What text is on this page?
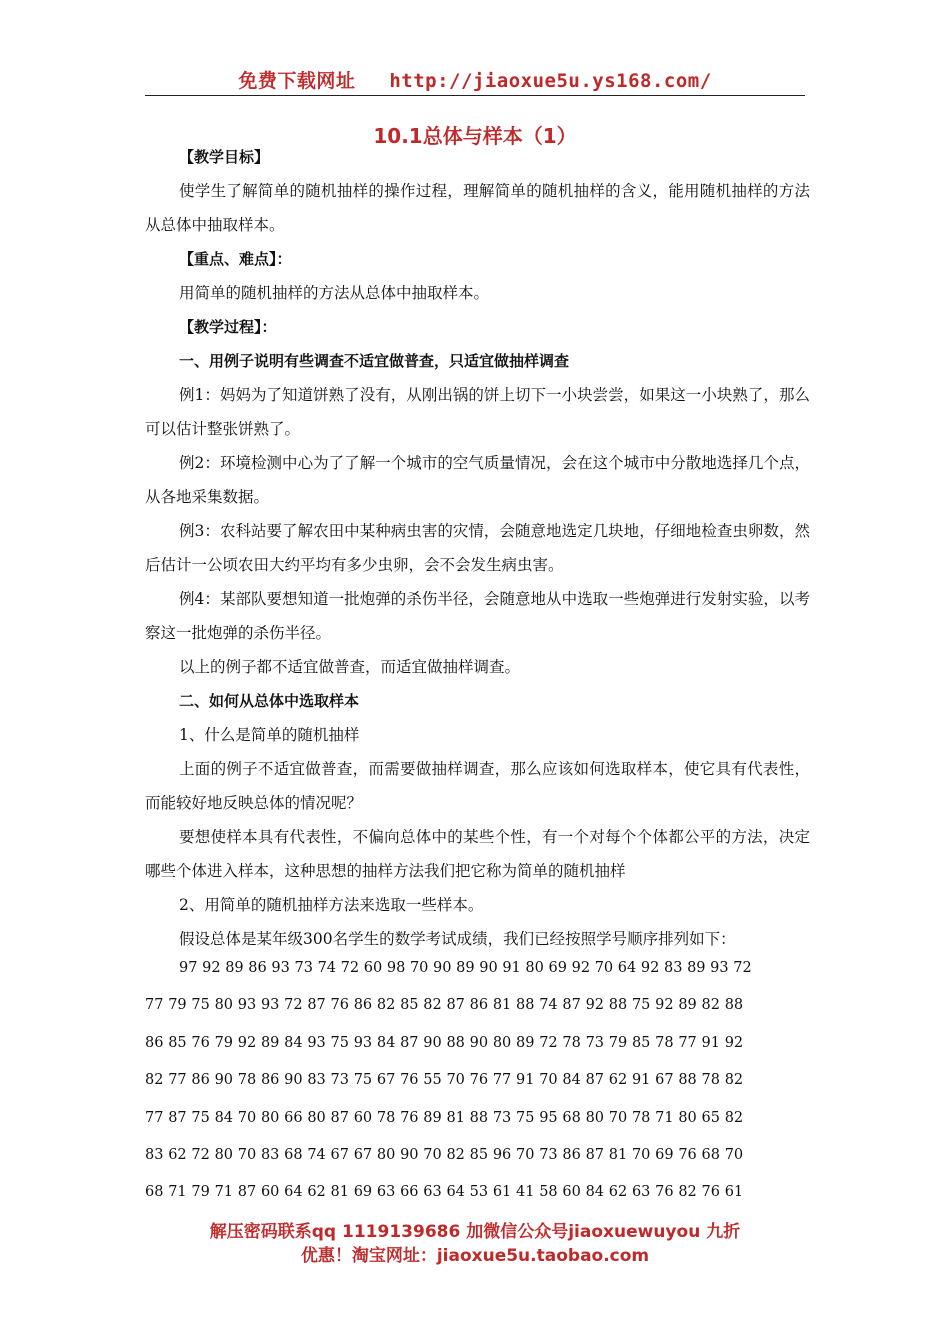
免费下载网址 http://jiaoxue5u.ys168.com/
10.1总体与样本（1）

【教学目标】

使学生了解简单的随机抽样的操作过程，理解简单的随机抽样的含义，能用随机抽样的方法从总体中抽取样本。

【重点、难点】：

用简单的随机抽样的方法从总体中抽取样本。

【教学过程】：

一、用例子说明有些调查不适宜做普查，只适宜做抽样调查

例1：妈妈为了知道饼熟了没有，从刚出锅的饼上切下一小块尝尝，如果这一小块熟了，那么可以估计整张饼熟了。

例2：环境检测中心为了了解一个城市的空气质量情况，会在这个城市中分散地选择几个点，从各地采集数据。

例3：农科站要了解农田中某种病虫害的灾情，会随意地选定几块地，仔细地检查虫卵数，然后估计一公顷农田大约平均有多少虫卵，会不会发生病虫害。

例4：某部队要想知道一批炮弹的杀伤半径，会随意地从中选取一些炮弹进行发射实验，以考察这一批炮弹的杀伤半径。

以上的例子都不适宜做普查，而适宜做抽样调查。

二、如何从总体中选取样本

1、什么是简单的随机抽样

上面的例子不适宜做普查，而需要做抽样调查，那么应该如何选取样本，使它具有代表性，而能较好地反映总体的情况呢？

要想使样本具有代表性，不偏向总体中的某些个性，有一个对每个个体都公平的方法，决定哪些个体进入样本，这种思想的抽样方法我们把它称为简单的随机抽样

2、用简单的随机抽样方法来选取一些样本。

假设总体是某年级300名学生的数学考试成绩，我们已经按照学号顺序排列如下：

97 92 89 86 93 73 74 72 60 98 70 90 89 90 91 80 69 92 70 64 92 83 89 93 72
77 79 75 80 93 93 72 87 76 86 82 85 82 87 86 81 88 74 87 92 88 75 92 89 82 88
86 85 76 79 92 89 84 93 75 93 84 87 90 88 90 80 89 72 78 73 79 85 78 77 91 92
82 77 86 90 78 86 90 83 73 75 67 76 55 70 76 77 91 70 84 87 62 91 67 88 78 82
77 87 75 84 70 80 66 80 87 60 78 76 89 81 88 73 75 95 68 80 70 78 71 80 65 82
83 62 72 80 70 83 68 74 67 67 80 90 70 82 85 96 70 73 86 87 81 70 69 76 68 70
68 71 79 71 87 60 64 62 81 69 63 66 63 64 53 61 41 58 60 84 62 63 76 82 76 61
解压密码联系qq 1119139686 加微信公众号jiaoxuewuyou 九折
优惠！淘宝网址：jiaoxue5u.taobao.com
